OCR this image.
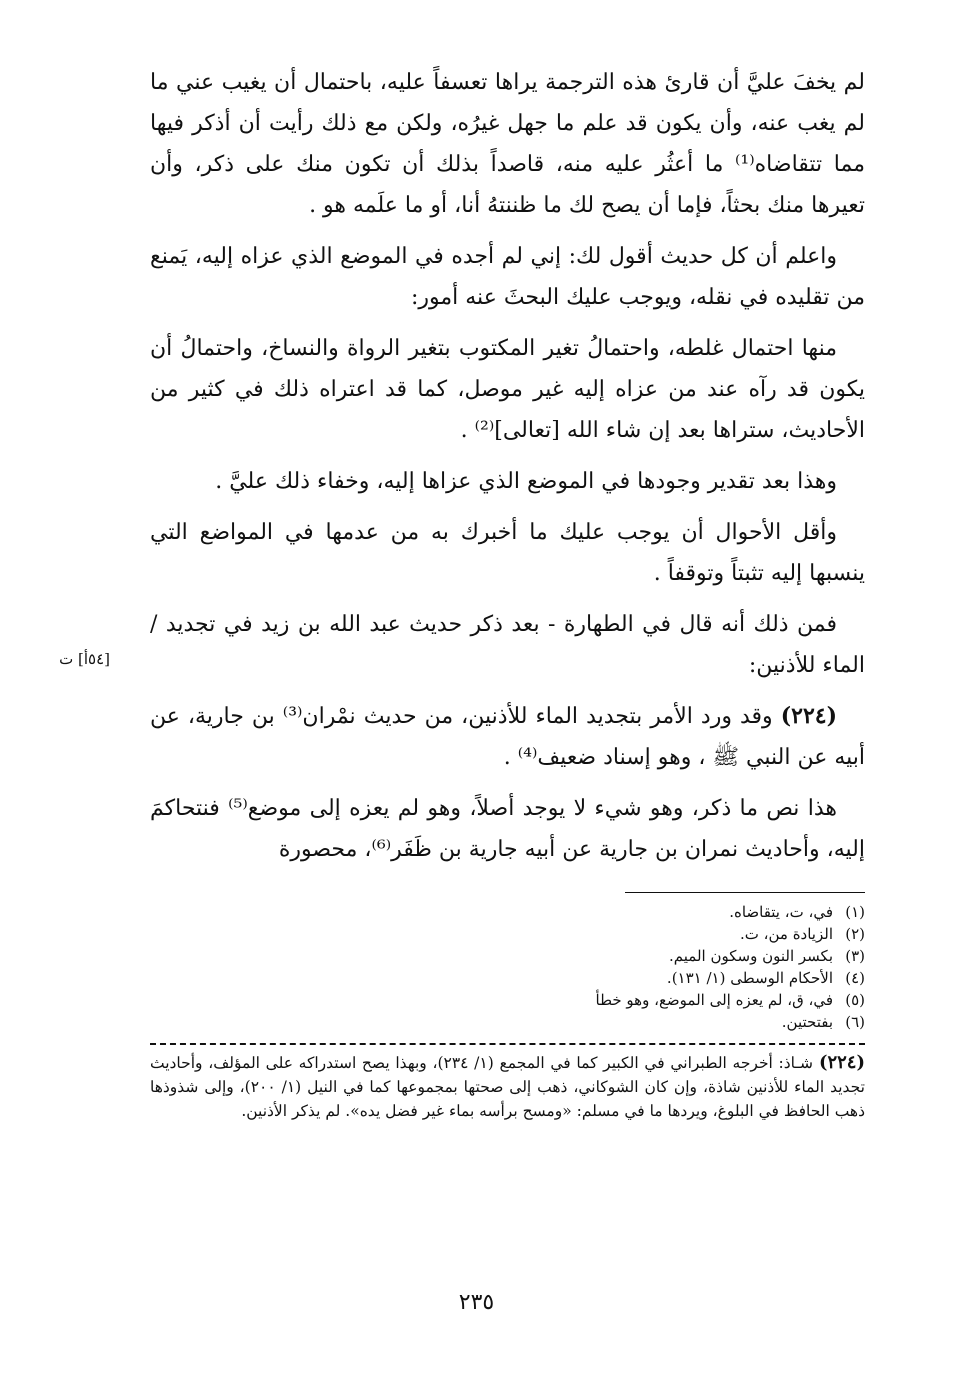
لم يخفَ عليَّ أن قارئ هذه الترجمة يراها تعسفاً عليه، باحتمال أن يغيب عني ما لم يغب عنه، وأن يكون قد علم ما جهل غيرُه، ولكن مع ذلك رأيت أن أذكر فيها مما تتقاضاه⁽¹⁾ ما أعثُر عليه منه، قاصداً بذلك أن تكون منك على ذكر، وأن تعيرها منك بحثاً، فإما أن يصح لك ما ظننتهُ أنا، أو ما علَمه هو .

واعلم أن كل حديث أقول لك: إني لم أجده في الموضع الذي عزاه إليه، يَمنع من تقليده في نقله، ويوجب عليك البحثَ عنه أمور:

منها احتمال غلطه، واحتمالُ تغير المكتوب بتغير الرواة والنساخ، واحتمالُ أن يكون قد رآه عند من عزاه إليه غير موصل، كما قد اعتراه ذلك في كثير من الأحاديث، ستراها بعد إن شاء الله [تعالى]⁽²⁾ .

وهذا بعد تقدير وجودها في الموضع الذي عزاها إليه، وخفاء ذلك عليَّ .

وأقل الأحوال أن يوجب عليك ما أخبرك به من عدمها في المواضع التي ينسبها إليه تثبتاً وتوقفاً .

فمن ذلك أنه قال في الطهارة - بعد ذكر حديث عبد الله بن زيد في تجديد / الماء للأذنين:

(٢٢٤) وقد ورد الأمر بتجديد الماء للأذنين، من حديث نمْران⁽³⁾ بن جارية، عن أبيه عن النبي ﷺ ، وهو إسناد ضعيف⁽⁴⁾ .

هذا نص ما ذكر، وهو شيء لا يوجد أصلاً، وهو لم يعزه إلى موضع⁽⁵⁾ فنتحاكمَ إليه، وأحاديث نمران بن جارية عن أبيه جارية بن ظَفَر⁽⁶⁾، محصورة

(١)في، ت، يتقاضاه.
(٢)الزيادة من، ت.
(٣)بكسر النون وسكون الميم.
(٤)الأحكام الوسطى (١/ ١٣١).
(٥)في، ق، لم يعزه إلى الموضع، وهو خطأ
(٦)بفتحتين.

(٢٢٤)شـاذ: أخرجه الطبراني في الكبير كما في المجمع (١/ ٢٣٤)، وبهذا يصح استدراكه على المؤلف، وأحاديث تجديد الماء للأذنين شاذة، وإن كان الشوكاني، ذهب إلى صحتها بمجموعها كما في النيل (١/ ٢٠٠)، وإلى شذوذها ذهب الحافظ في البلوغ، ويردها ما في مسلم: «ومسح برأسه بماء غير فضل يده». لم يذكر الأذنين.

[٥٤أ] ت
٢٣٥
